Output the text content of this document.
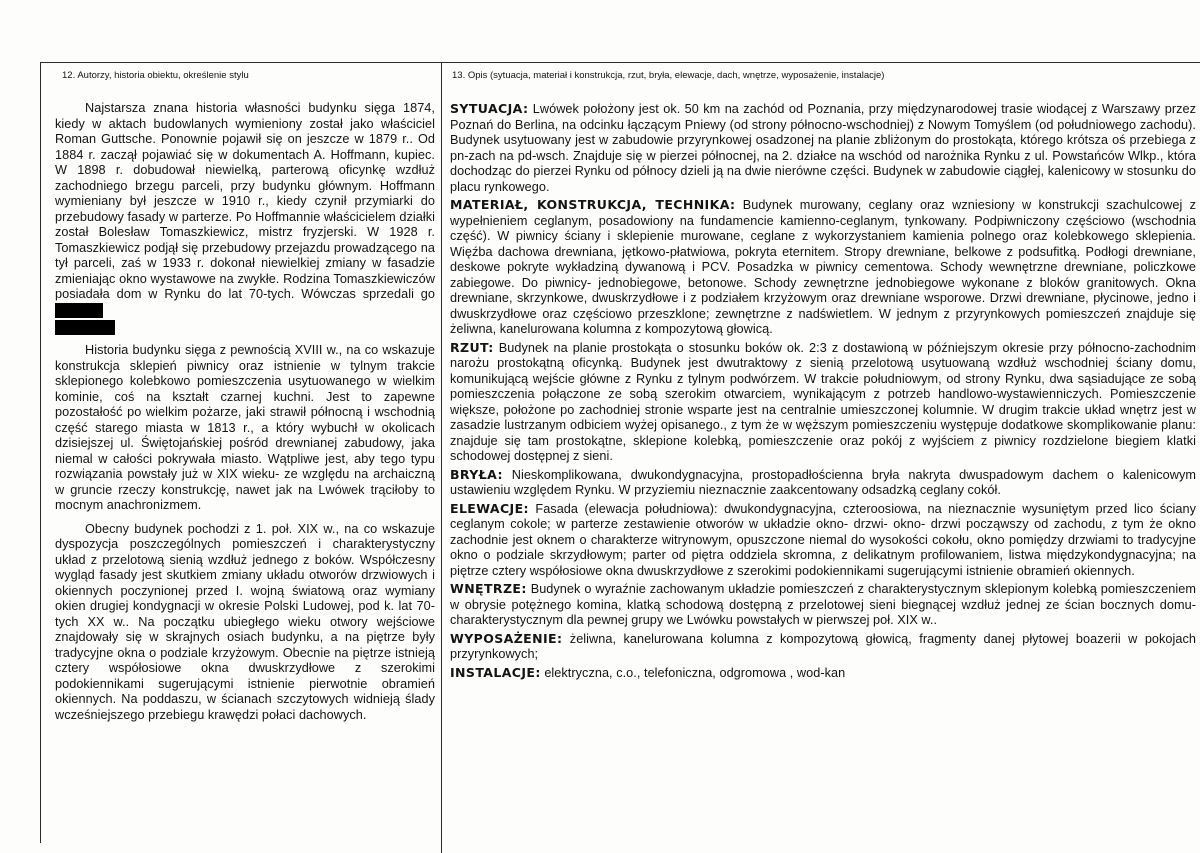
12. Autorzy, historia obiektu, określenie stylu	13. Opis (sytuacja, materiał i konstrukcja, rzut, bryła, elewacje, dach, wnętrze, wyposażenie, instalacje)

Najstarsza znana historia własności budynku sięga 1874, kiedy w aktach budowlanych wymieniony został jako właściciel Roman Guttsche. Ponownie pojawił się on jeszcze w 1879 r.. Od 1884 r. zaczął pojawiać się w dokumentach A. Hoffmann, kupiec. W 1898 r. dobudował niewielką, parterową oficynkę wzdłuż zachodniego brzegu parceli, przy budynku głównym. Hoffmann wymieniany był jeszcze w 1910 r., kiedy czynił przymiarki do przebudowy fasady w parterze. Po Hoffmannie właścicielem działki został Bolesław Tomaszkiewicz, mistrz fryzjerski. W 1928 r. Tomaszkiewicz podjął się przebudowy przejazdu prowadzącego na tył parceli, zaś w 1933 r. dokonał niewielkiej zmiany w fasadzie zmieniając okno wystawowe na zwykłe. Rodzina Tomaszkiewiczów posiadała dom w Rynku do lat 70-tych. Wówczas sprzedali go

Historia budynku sięga z pewnością XVIII w., na co wskazuje konstrukcja sklepień piwnicy oraz istnienie w tylnym trakcie sklepionego kolebkowo pomieszczenia usytuowanego w wielkim kominie, coś na kształt czarnej kuchni. Jest to zapewne pozostałość po wielkim pożarze, jaki strawił północną i wschodnią część starego miasta w 1813 r., a który wybuchł w okolicach dzisiejszej ul. Świętojańskiej pośród drewnianej zabudowy, jaka niemal w całości pokrywała miasto. Wątpliwe jest, aby tego typu rozwiązania powstały już w XIX wieku- ze względu na archaiczną w gruncie rzeczy konstrukcję, nawet jak na Lwówek trąciłoby to mocnym anachronizmem.

Obecny budynek pochodzi z 1. poł. XIX w., na co wskazuje dyspozycja poszczególnych pomieszczeń i charakterystyczny układ z przelotową sienią wzdłuż jednego z boków. Współczesny wygląd fasady jest skutkiem zmiany układu otworów drzwiowych i okiennych poczynionej przed I. wojną światową oraz wymiany okien drugiej kondygnacji w okresie Polski Ludowej, pod k. lat 70-tych XX w.. Na początku ubiegłego wieku otwory wejściowe znajdowały się w skrajnych osiach budynku, a na piętrze były tradycyjne okna o podziale krzyżowym. Obecnie na piętrze istnieją cztery współosiowe okna dwuskrzydłowe z szerokimi podokiennikami sugerującymi istnienie pierwotnie obramień okiennych. Na poddaszu, w ścianach szczytowych widnieją ślady wcześniejszego przebiegu krawędzi połaci dachowych.

SYTUACJA: Lwówek położony jest ok. 50 km na zachód od Poznania, przy międzynarodowej trasie wiodącej z Warszawy przez Poznań do Berlina, na odcinku łączącym Pniewy (od strony północno-wschodniej) z Nowym Tomyślem (od południowego zachodu). Budynek usytuowany jest w zabudowie przyrynkowej osadzonej na planie zbliżonym do prostokąta, którego krótsza oś przebiega z pn-zach na pd-wsch. Znajduje się w pierzei północnej, na 2. działce na wschód od narożnika Rynku z ul. Powstańców Wlkp., która dochodząc do pierzei Rynku od północy dzieli ją na dwie nierówne części. Budynek w zabudowie ciągłej, kalenicowy w stosunku do placu rynkowego.

MATERIAŁ, KONSTRUKCJA, TECHNIKA: Budynek murowany, ceglany oraz wzniesiony w konstrukcji szachulcowej z wypełnieniem ceglanym, posadowiony na fundamencie kamienno-ceglanym, tynkowany. Podpiwniczony częściowo (wschodnia część). W piwnicy ściany i sklepienie murowane, ceglane z wykorzystaniem kamienia polnego oraz kolebkowego sklepienia. Więźba dachowa drewniana, jętkowo-płatwiowa, pokryta eternitem. Stropy drewniane, belkowe z podsufitką. Podłogi drewniane, deskowe pokryte wykładziną dywanową i PCV. Posadzka w piwnicy cementowa. Schody wewnętrzne drewniane, policzkowe zabiegowe. Do piwnicy- jednobiegowe, betonowe. Schody zewnętrzne jednobiegowe wykonane z bloków granitowych. Okna drewniane, skrzynkowe, dwuskrzydłowe i z podziałem krzyżowym oraz drewniane wsporowe. Drzwi drewniane, płycinowe, jedno i dwuskrzydłowe oraz częściowo przeszklone; zewnętrzne z nadświetlem. W jednym z przyrynkowych pomieszczeń znajduje się żeliwna, kanelurowana kolumna z kompozytową głowicą.

RZUT: Budynek na planie prostokąta o stosunku boków ok. 2:3 z dostawioną w późniejszym okresie przy północno-zachodnim narożu prostokątną oficynką. Budynek jest dwutraktowy z sienią przelotową usytuowaną wzdłuż wschodniej ściany domu, komunikującą wejście główne z Rynku z tylnym podwórzem. W trakcie południowym, od strony Rynku, dwa sąsiadujące ze sobą pomieszczenia połączone ze sobą szerokim otwarciem, wynikającym z potrzeb handlowo-wystawienniczych. Pomieszczenie większe, położone po zachodniej stronie wsparte jest na centralnie umieszczonej kolumnie. W drugim trakcie układ wnętrz jest w zasadzie lustrzanym odbiciem wyżej opisanego., z tym że w węższym pomieszczeniu występuje dodatkowe skomplikowanie planu: znajduje się tam prostokątne, sklepione kolebką, pomieszczenie oraz pokój z wyjściem z piwnicy rozdzielone biegiem klatki schodowej dostępnej z sieni.

BRYŁA: Nieskomplikowana, dwukondygnacyjna, prostopadłościenna bryła nakryta dwuspadowym dachem o kalenicowym ustawieniu względem Rynku. W przyziemiu nieznacznie zaakcentowany odsadzką ceglany cokół.

ELEWACJE: Fasada (elewacja południowa): dwukondygnacyjna, czteroosiowa, na nieznacznie wysuniętym przed lico ściany ceglanym cokole; w parterze zestawienie otworów w układzie okno- drzwi- okno- drzwi począwszy od zachodu, z tym że okno zachodnie jest oknem o charakterze witrynowym, opuszczone niemal do wysokości cokołu, okno pomiędzy drzwiami to tradycyjne okno o podziale skrzydłowym; parter od piętra oddziela skromna, z delikatnym profilowaniem, listwa międzykondygnacyjna; na piętrze cztery współosiowe okna dwuskrzydłowe z szerokimi podokiennikami sugerującymi istnienie obramień okiennych.

WNĘTRZE: Budynek o wyraźnie zachowanym układzie pomieszczeń z charakterystycznym sklepionym kolebką pomieszczeniem w obrysie potężnego komina, klatką schodową dostępną z przelotowej sieni biegnącej wzdłuż jednej ze ścian bocznych domu- charakterystycznym dla pewnej grupy we Lwówku powstałych w pierwszej poł. XIX w..

WYPOSAŻENIE: żeliwna, kanelurowana kolumna z kompozytową głowicą, fragmenty danej płytowej boazerii w pokojach przyrynkowych;

INSTALACJE: elektryczna, c.o., telefoniczna, odgromowa , wod-kan
